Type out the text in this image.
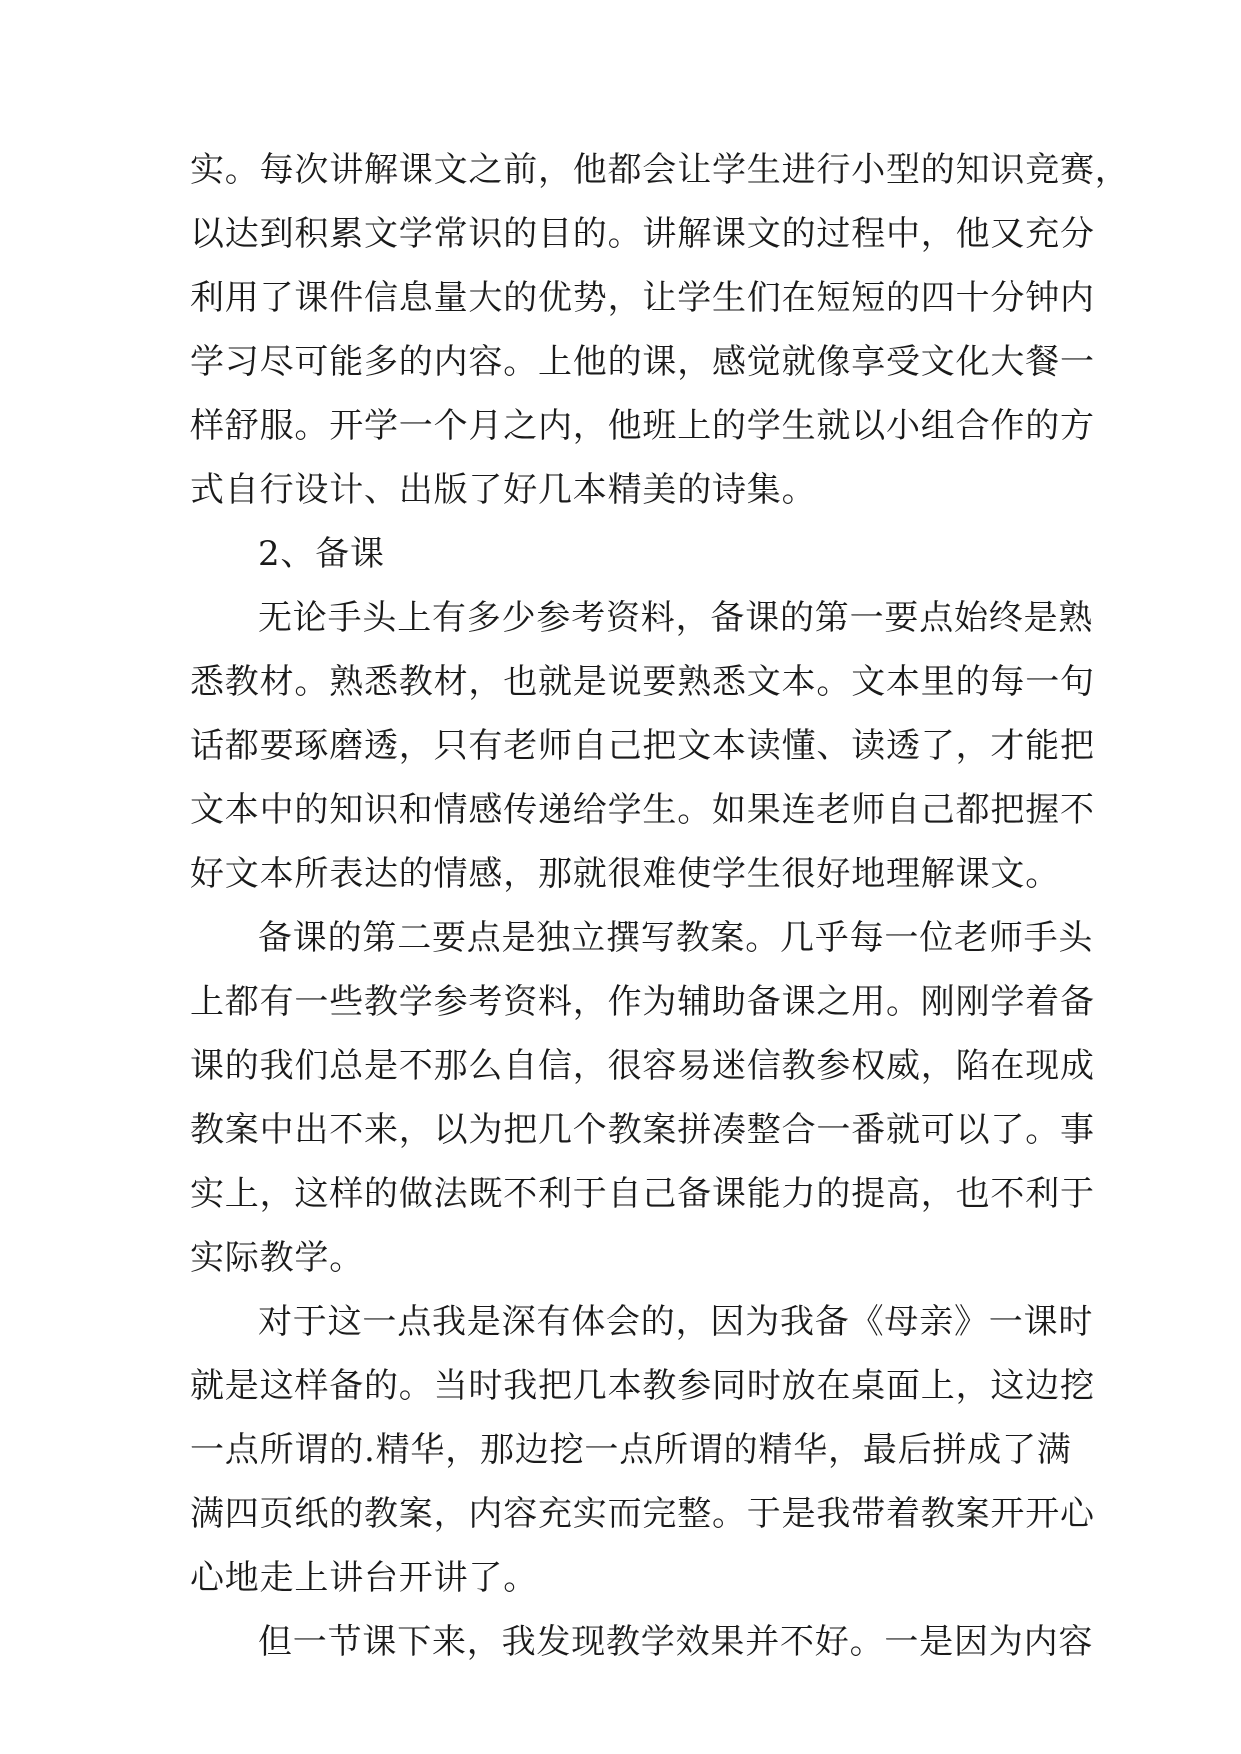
实。每次讲解课文之前，他都会让学生进行小型的知识竞赛，
以达到积累文学常识的目的。讲解课文的过程中，他又充分
利用了课件信息量大的优势，让学生们在短短的四十分钟内
学习尽可能多的内容。上他的课，感觉就像享受文化大餐一
样舒服。开学一个月之内，他班上的学生就以小组合作的方
式自行设计、出版了好几本精美的诗集。
2、备课
无论手头上有多少参考资料，备课的第一要点始终是熟
悉教材。熟悉教材，也就是说要熟悉文本。文本里的每一句
话都要琢磨透，只有老师自己把文本读懂、读透了，才能把
文本中的知识和情感传递给学生。如果连老师自己都把握不
好文本所表达的情感，那就很难使学生很好地理解课文。
备课的第二要点是独立撰写教案。几乎每一位老师手头
上都有一些教学参考资料，作为辅助备课之用。刚刚学着备
课的我们总是不那么自信，很容易迷信教参权威，陷在现成
教案中出不来，以为把几个教案拼凑整合一番就可以了。事
实上，这样的做法既不利于自己备课能力的提高，也不利于
实际教学。
对于这一点我是深有体会的，因为我备《母亲》一课时
就是这样备的。当时我把几本教参同时放在桌面上，这边挖
一点所谓的.精华，那边挖一点所谓的精华，最后拼成了满
满四页纸的教案，内容充实而完整。于是我带着教案开开心
心地走上讲台开讲了。
但一节课下来，我发现教学效果并不好。一是因为内容
